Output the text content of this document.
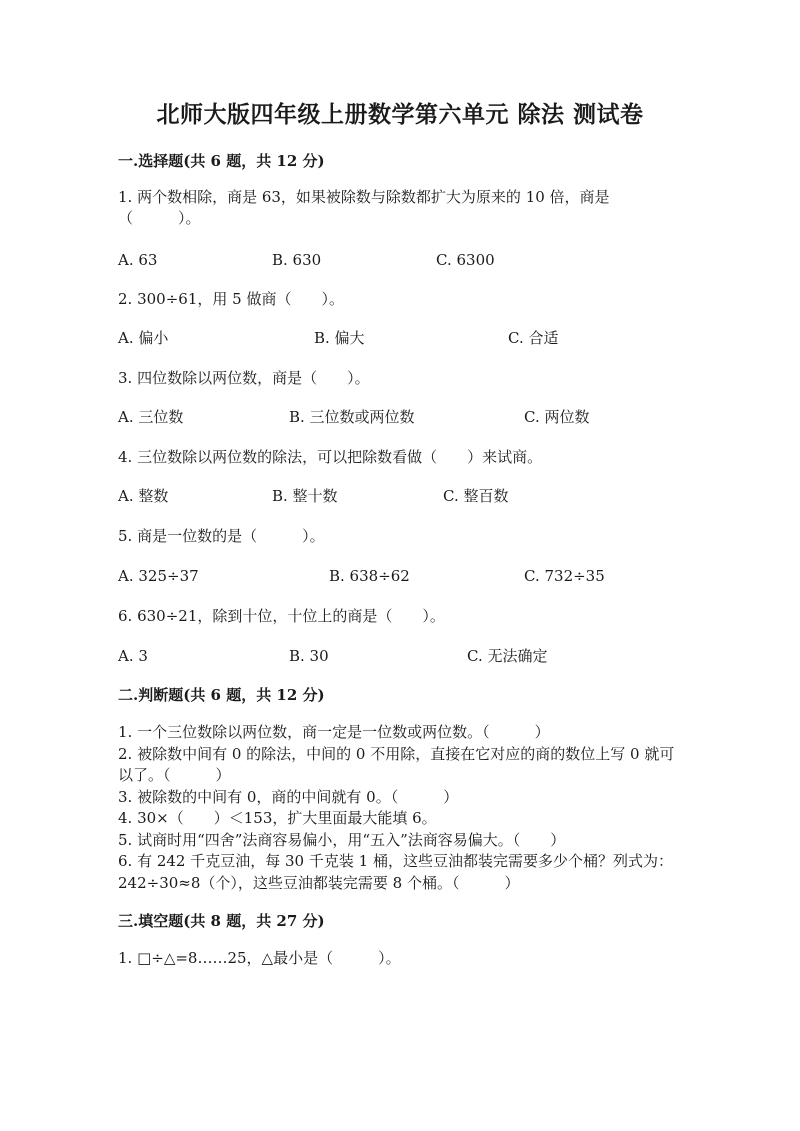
北师大版四年级上册数学第六单元 除法 测试卷
一.选择题(共 6 题，共 12 分)
1. 两个数相除，商是 63，如果被除数与除数都扩大为原来的 10 倍，商是（　　　）。
A. 63	B. 630	C. 6300
2. 300÷61，用 5 做商（　　）。
A. 偏小	B. 偏大	C. 合适
3. 四位数除以两位数，商是（　　）。
A. 三位数	B. 三位数或两位数	C. 两位数
4. 三位数除以两位数的除法，可以把除数看做（　　）来试商。
A. 整数	B. 整十数	C. 整百数
5. 商是一位数的是（　　　）。
A. 325÷37	B. 638÷62	C. 732÷35
6. 630÷21，除到十位，十位上的商是（　　）。
A. 3	B. 30	C. 无法确定
二.判断题(共 6 题，共 12 分)
1. 一个三位数除以两位数，商一定是一位数或两位数。（　　　）
2. 被除数中间有 0 的除法，中间的 0 不用除，直接在它对应的商的数位上写 0 就可以了。（　　　）
3. 被除数的中间有 0，商的中间就有 0。（　　　）
4. 30×（　　）＜153，扩大里面最大能填 6。
5. 试商时用“四舍”法商容易偏小，用“五入”法商容易偏大。（　　）
6. 有 242 千克豆油，每 30 千克装 1 桶，这些豆油都装完需要多少个桶？列式为：242÷30≈8（个），这些豆油都装完需要 8 个桶。（　　　）
三.填空题(共 8 题，共 27 分)
1. □÷△=8……25，△最小是（　　　）。
